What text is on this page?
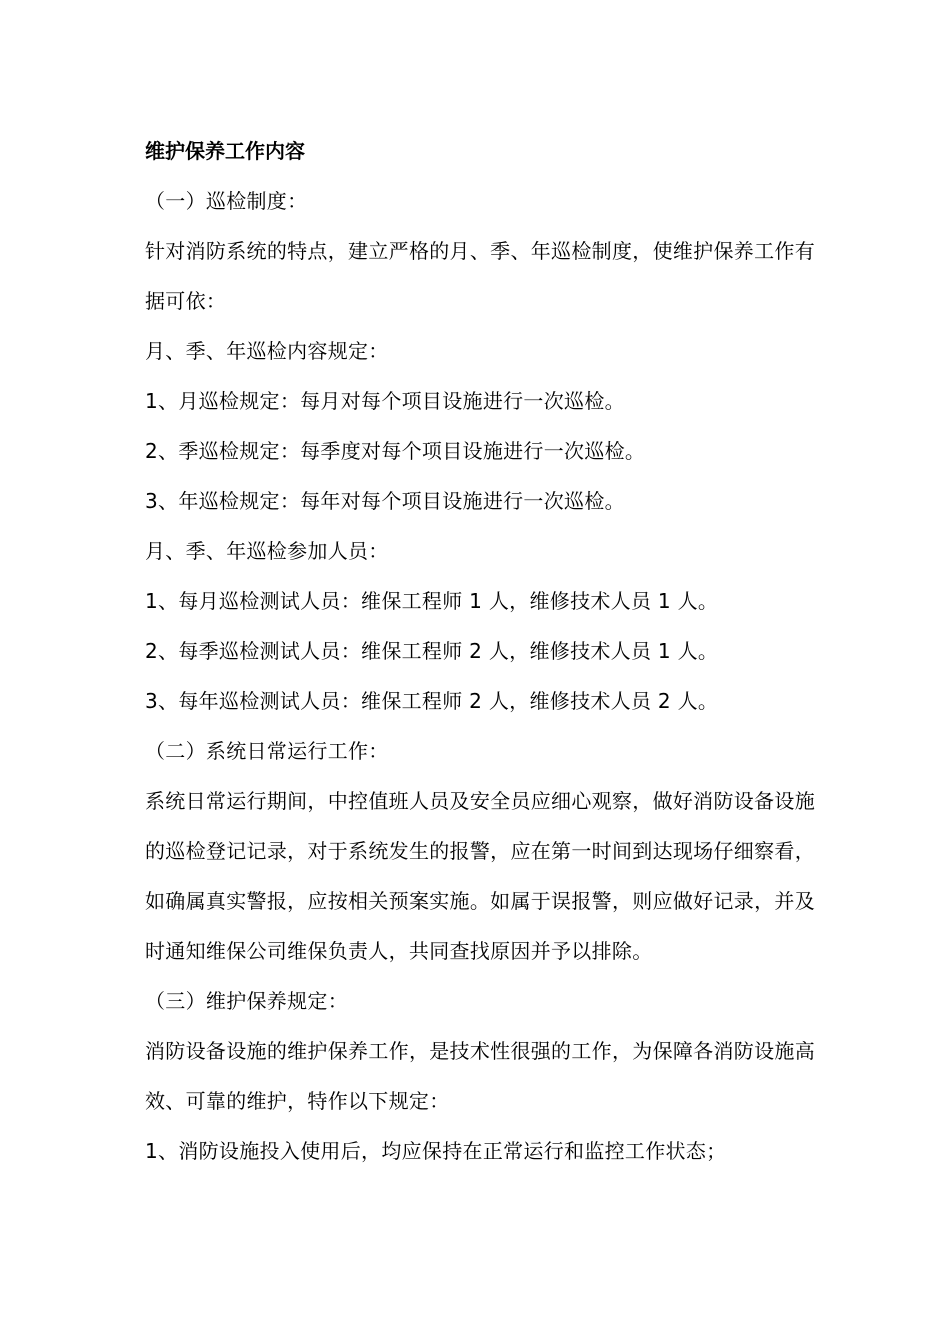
维护保养工作内容

（一）巡检制度：

针对消防系统的特点，建立严格的月、季、年巡检制度，使维护保养工作有据可依：

月、季、年巡检内容规定：

1、月巡检规定：每月对每个项目设施进行一次巡检。

2、季巡检规定：每季度对每个项目设施进行一次巡检。

3、年巡检规定：每年对每个项目设施进行一次巡检。

月、季、年巡检参加人员：

1、每月巡检测试人员：维保工程师 1 人，维修技术人员 1 人。

2、每季巡检测试人员：维保工程师 2 人，维修技术人员 1 人。

3、每年巡检测试人员：维保工程师 2 人，维修技术人员 2 人。

（二）系统日常运行工作：

系统日常运行期间，中控值班人员及安全员应细心观察，做好消防设备设施的巡检登记记录，对于系统发生的报警，应在第一时间到达现场仔细察看，如确属真实警报，应按相关预案实施。如属于误报警，则应做好记录，并及时通知维保公司维保负责人，共同查找原因并予以排除。

（三）维护保养规定：

消防设备设施的维护保养工作，是技术性很强的工作，为保障各消防设施高效、可靠的维护，特作以下规定：

1、消防设施投入使用后，均应保持在正常运行和监控工作状态；
